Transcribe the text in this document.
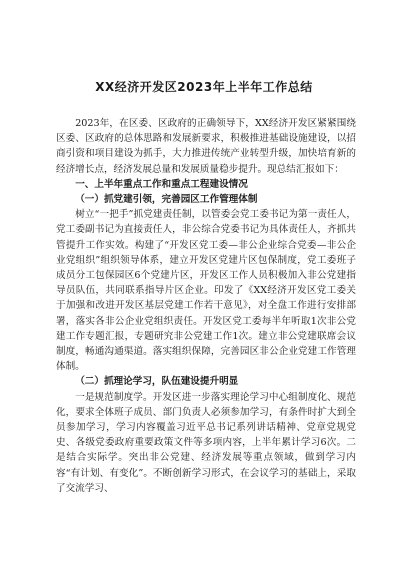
XX经济开发区2023年上半年工作总结

2023年，在区委、区政府的正确领导下，XX经济开发区紧紧围绕区委、区政府的总体思路和发展新要求，积极推进基础设施建设，以招商引资和项目建设为抓手，大力推进传统产业转型升级，加快培育新的经济增长点，经济发展总量和发展质量稳步提升。现总结汇报如下：

一、上半年重点工作和重点工程建设情况

（一）抓党建引领，完善园区工作管理体制

树立“一把手”抓党建责任制，以管委会党工委书记为第一责任人，党工委副书记为直接责任人，非公综合党委书记为具体责任人，齐抓共管提升工作实效。构建了“开发区党工委—非公企业综合党委—非公企业党组织”组织领导体系，建立开发区党建片区包保制度，党工委班子成员分工包保园区6个党建片区，开发区工作人员积极加入非公党建指导员队伍，共同联系指导片区企业。印发了《XX经济开发区党工委关于加强和改进开发区基层党建工作若干意见》，对全盘工作进行安排部署，落实各非公企业党组织责任。开发区党工委每半年听取1次非公党建工作专题汇报，专题研究非公党建工作1次。建立非公党建联席会议制度，畅通沟通渠道。落实组织保障，完善园区非公企业党建工作管理体制。

（二）抓理论学习，队伍建设提升明显

一是规范制度学。开发区进一步落实理论学习中心组制度化、规范化，要求全体班子成员、部门负责人必须参加学习，有条件时扩大到全员参加学习，学习内容覆盖习近平总书记系列讲话精神、党章党规党史、各级党委政府重要政策文件等多项内容，上半年累计学习6次。二是结合实际学。突出非公党建、经济发展等重点领域，做到学习内容“有计划、有变化”。不断创新学习形式，在会议学习的基础上，采取了交流学习、
